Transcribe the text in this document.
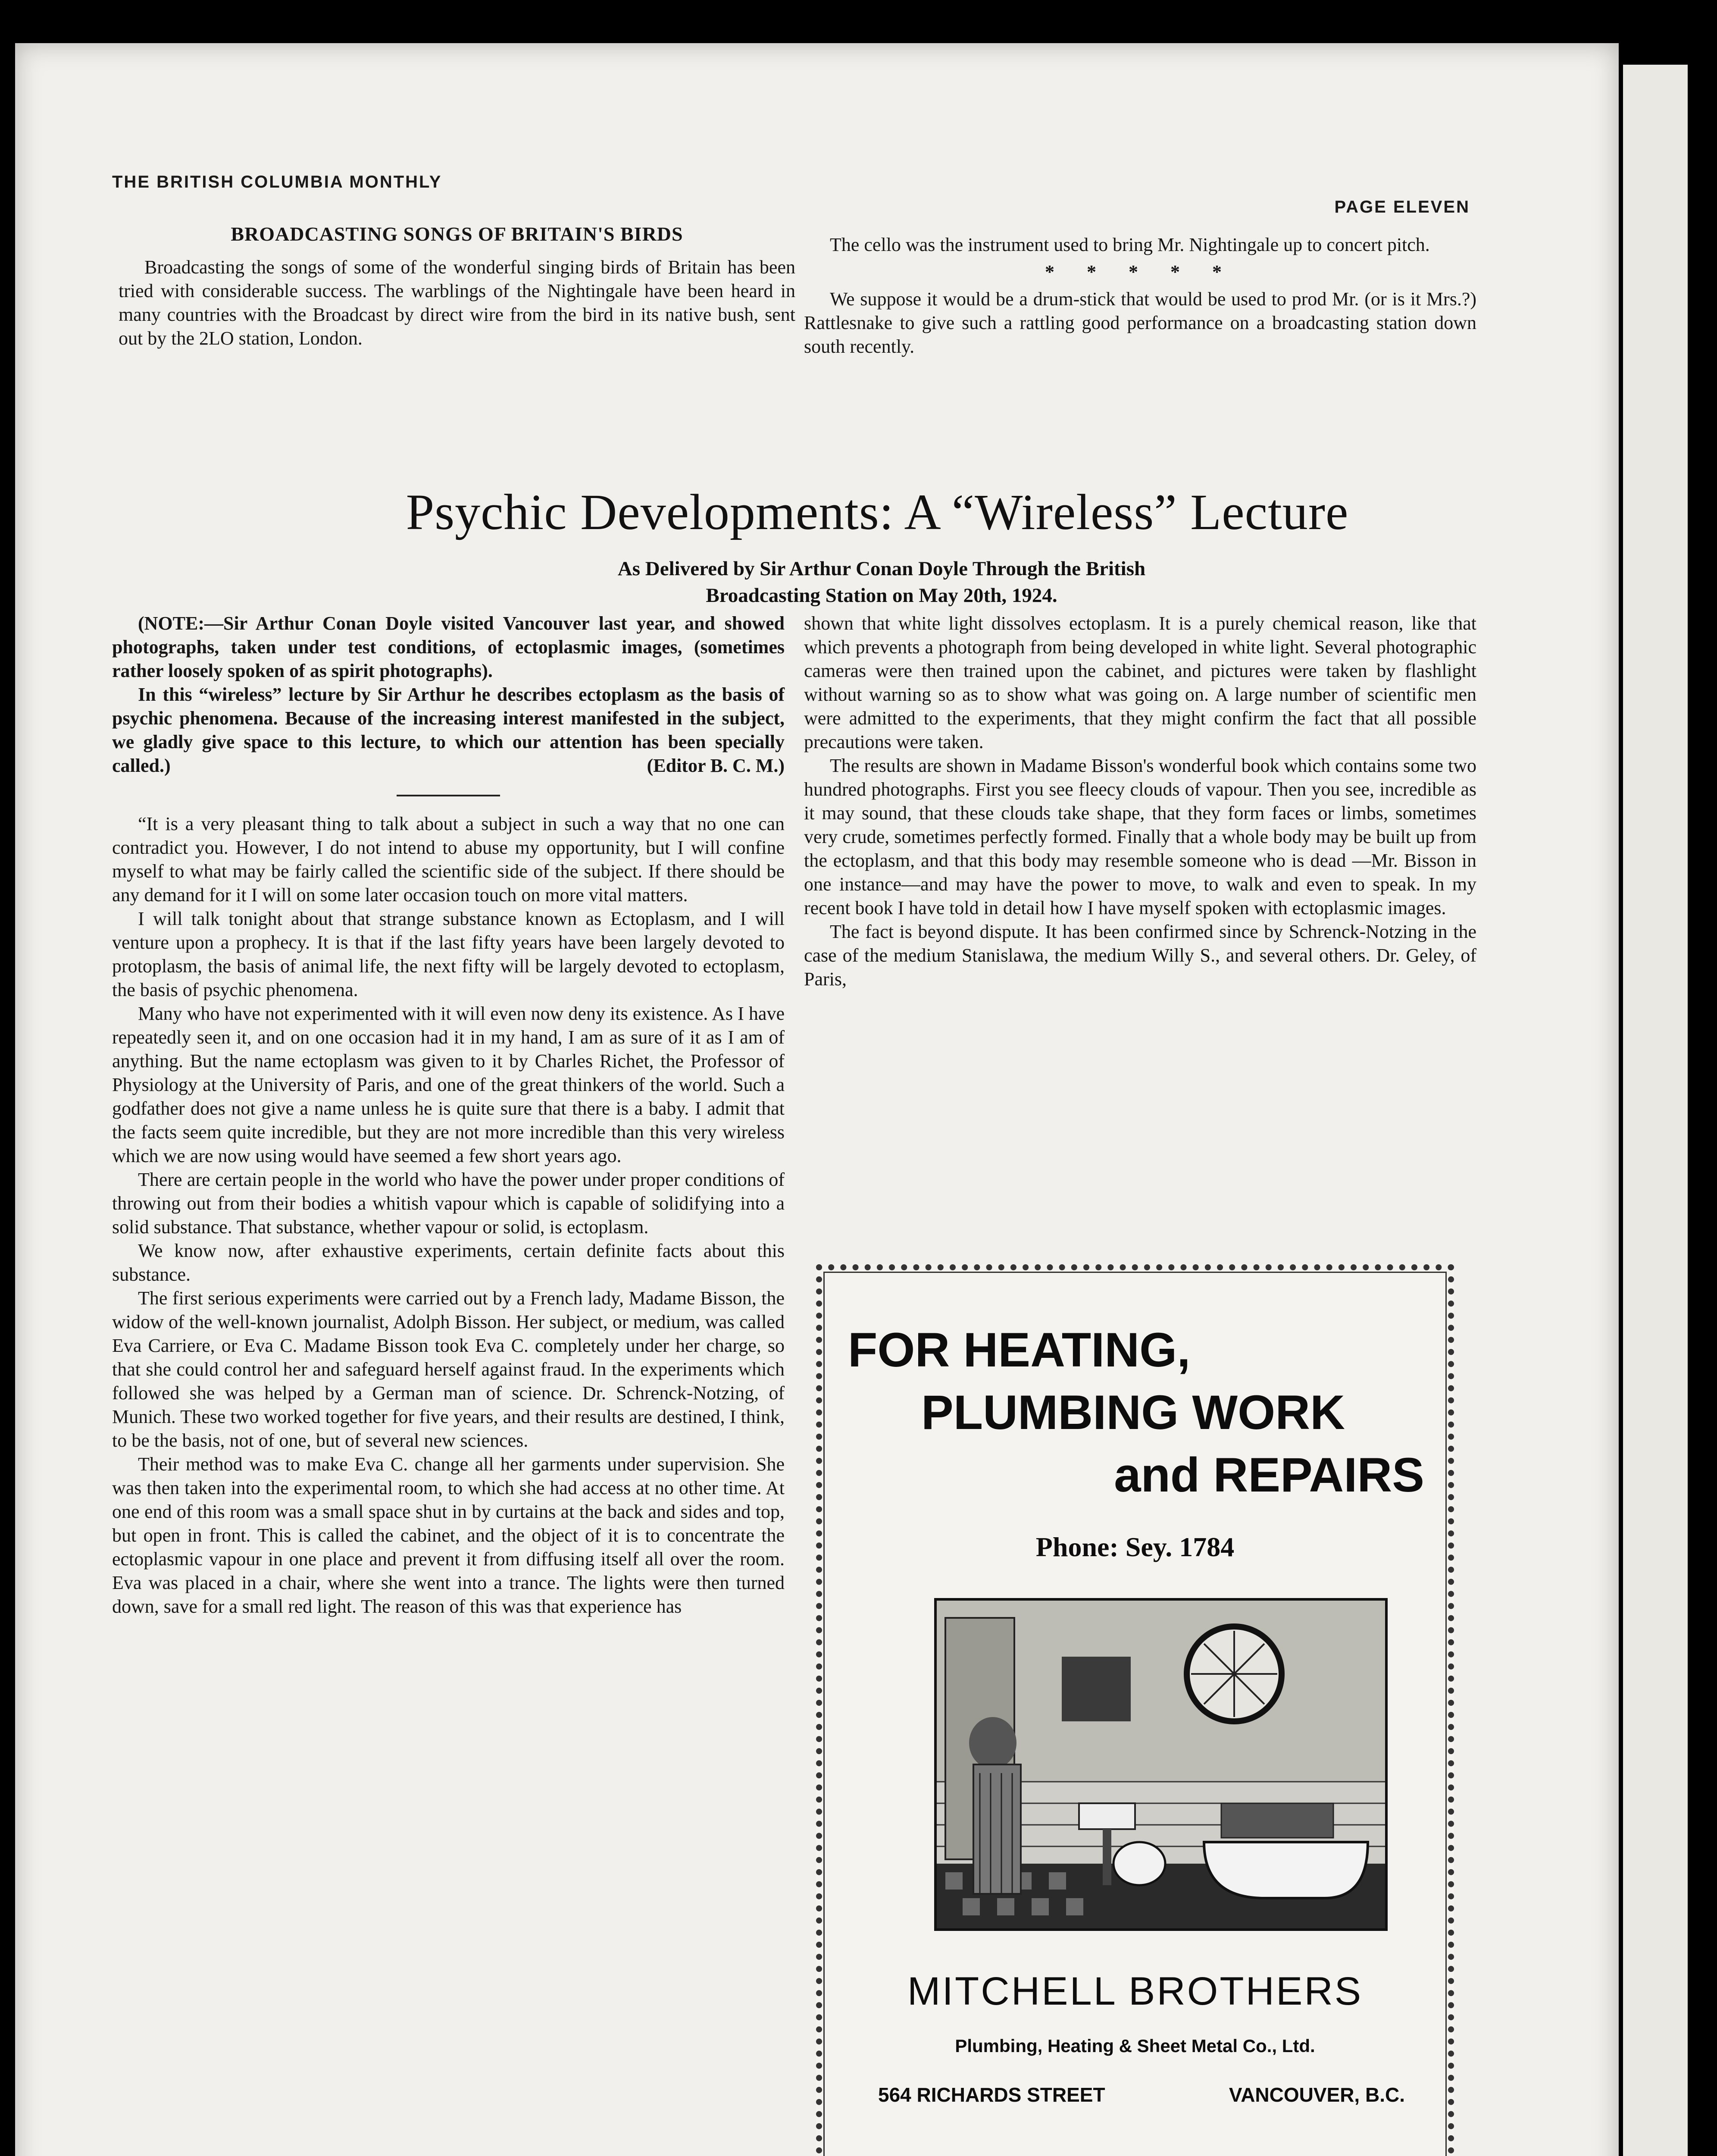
THE BRITISH COLUMBIA MONTHLY
PAGE ELEVEN
BROADCASTING SONGS OF BRITAIN'S BIRDS

Broadcasting the songs of some of the wonderful singing birds of Britain has been tried with considerable success. The warblings of the Nightingale have been heard in many countries with the Broadcast by direct wire from the bird in its native bush, sent out by the 2LO station, London.

The cello was the instrument used to bring Mr. Nightingale up to concert pitch.

* * * * *

We suppose it would be a drum-stick that would be used to prod Mr. (or is it Mrs.?) Rattlesnake to give such a rattling good performance on a broadcasting station down south recently.

Psychic Developments: A “Wireless” Lecture
As Delivered by Sir Arthur Conan Doyle Through the British
Broadcasting Station on May 20th, 1924.

(NOTE:—Sir Arthur Conan Doyle visited Vancouver last year, and showed photographs, taken under test conditions, of ectoplasmic images, (sometimes rather loosely spoken of as spirit photographs).

In this “wireless” lecture by Sir Arthur he describes ectoplasm as the basis of psychic phenomena. Because of the increasing interest manifested in the subject, we gladly give space to this lecture, to which our attention has been specially called.)	(Editor B. C. M.)

“It is a very pleasant thing to talk about a subject in such a way that no one can contradict you. However, I do not intend to abuse my opportunity, but I will confine myself to what may be fairly called the scientific side of the subject. If there should be any demand for it I will on some later occasion touch on more vital matters.

I will talk tonight about that strange substance known as Ectoplasm, and I will venture upon a prophecy. It is that if the last fifty years have been largely devoted to protoplasm, the basis of animal life, the next fifty will be largely devoted to ectoplasm, the basis of psychic phenomena.

Many who have not experimented with it will even now deny its existence. As I have repeatedly seen it, and on one occasion had it in my hand, I am as sure of it as I am of anything. But the name ectoplasm was given to it by Charles Richet, the Professor of Physiology at the University of Paris, and one of the great thinkers of the world. Such a godfather does not give a name unless he is quite sure that there is a baby. I admit that the facts seem quite incredible, but they are not more incredible than this very wireless which we are now using would have seemed a few short years ago.

There are certain people in the world who have the power under proper conditions of throwing out from their bodies a whitish vapour which is capable of solidifying into a solid substance. That substance, whether vapour or solid, is ectoplasm.

We know now, after exhaustive experiments, certain definite facts about this substance.

The first serious experiments were carried out by a French lady, Madame Bisson, the widow of the well-known journalist, Adolph Bisson. Her subject, or medium, was called Eva Carriere, or Eva C. Madame Bisson took Eva C. completely under her charge, so that she could control her and safeguard herself against fraud. In the experiments which followed she was helped by a German man of science. Dr. Schrenck-Notzing, of Munich. These two worked together for five years, and their results are destined, I think, to be the basis, not of one, but of several new sciences.

Their method was to make Eva C. change all her garments under supervision. She was then taken into the experimental room, to which she had access at no other time. At one end of this room was a small space shut in by curtains at the back and sides and top, but open in front. This is called the cabinet, and the object of it is to concentrate the ectoplasmic vapour in one place and prevent it from diffusing itself all over the room. Eva was placed in a chair, where she went into a trance. The lights were then turned down, save for a small red light. The reason of this was that experience has

shown that white light dissolves ectoplasm. It is a purely chemical reason, like that which prevents a photograph from being developed in white light. Several photographic cameras were then trained upon the cabinet, and pictures were taken by flashlight without warning so as to show what was going on. A large number of scientific men were admitted to the experiments, that they might confirm the fact that all possible precautions were taken.

The results are shown in Madame Bisson's wonderful book which contains some two hundred photographs. First you see fleecy clouds of vapour. Then you see, incredible as it may sound, that these clouds take shape, that they form faces or limbs, sometimes very crude, sometimes perfectly formed. Finally that a whole body may be built up from the ectoplasm, and that this body may resemble someone who is dead —Mr. Bisson in one instance—and may have the power to move, to walk and even to speak. In my recent book I have told in detail how I have myself spoken with ectoplasmic images.

The fact is beyond dispute. It has been confirmed since by Schrenck-Notzing in the case of the medium Stanislawa, the medium Willy S., and several others. Dr. Geley, of Paris,

FOR HEATING,
PLUMBING WORK
and REPAIRS
Phone: Sey. 1784
MITCHELL BROTHERS
Plumbing, Heating & Sheet Metal Co., Ltd.
564 RICHARDS STREET	VANCOUVER, B.C.
